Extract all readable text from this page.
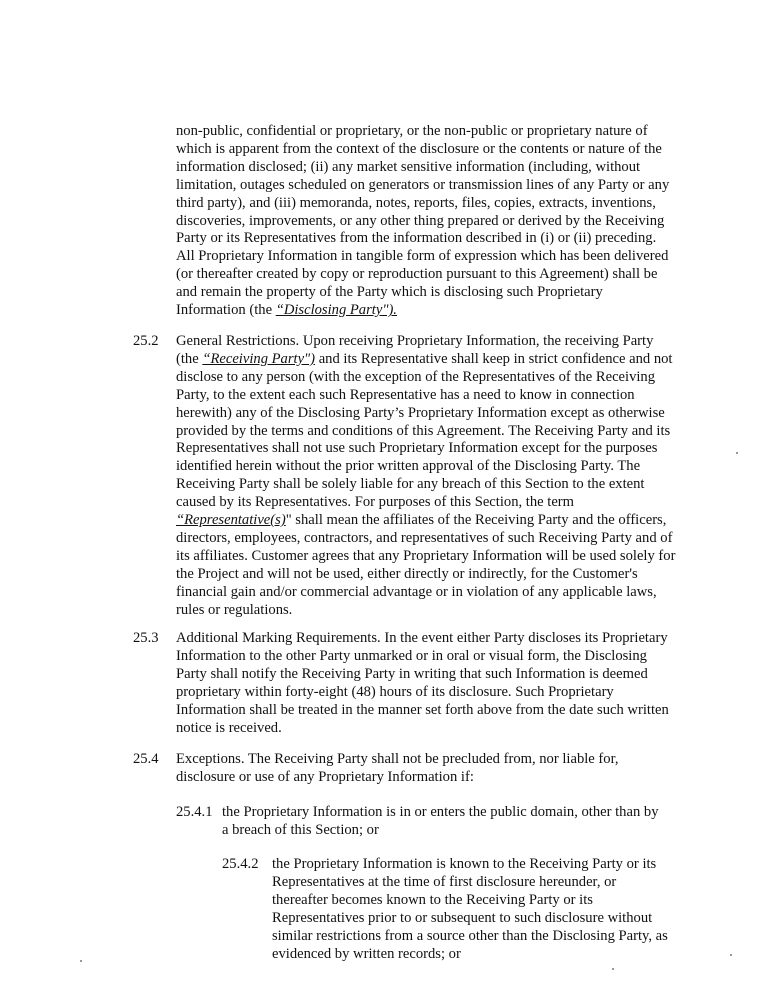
non-public, confidential or proprietary, or the non-public or proprietary nature of which is apparent from the context of the disclosure or the contents or nature of the information disclosed; (ii) any market sensitive information (including, without limitation, outages scheduled on generators or transmission lines of any Party or any third party), and (iii) memoranda, notes, reports, files, copies, extracts, inventions, discoveries, improvements, or any other thing prepared or derived by the Receiving Party or its Representatives from the information described in (i) or (ii) preceding. All Proprietary Information in tangible form of expression which has been delivered (or thereafter created by copy or reproduction pursuant to this Agreement) shall be and remain the property of the Party which is disclosing such Proprietary Information (the “Disclosing Party").
25.2 General Restrictions. Upon receiving Proprietary Information, the receiving Party (the “Receiving Party") and its Representative shall keep in strict confidence and not disclose to any person (with the exception of the Representatives of the Receiving Party, to the extent each such Representative has a need to know in connection herewith) any of the Disclosing Party’s Proprietary Information except as otherwise provided by the terms and conditions of this Agreement. The Receiving Party and its Representatives shall not use such Proprietary Information except for the purposes identified herein without the prior written approval of the Disclosing Party. The Receiving Party shall be solely liable for any breach of this Section to the extent caused by its Representatives. For purposes of this Section, the term “Representative(s)" shall mean the affiliates of the Receiving Party and the officers, directors, employees, contractors, and representatives of such Receiving Party and of its affiliates. Customer agrees that any Proprietary Information will be used solely for the Project and will not be used, either directly or indirectly, for the Customer's financial gain and/or commercial advantage or in violation of any applicable laws, rules or regulations.
25.3 Additional Marking Requirements. In the event either Party discloses its Proprietary Information to the other Party unmarked or in oral or visual form, the Disclosing Party shall notify the Receiving Party in writing that such Information is deemed proprietary within forty-eight (48) hours of its disclosure. Such Proprietary Information shall be treated in the manner set forth above from the date such written notice is received.
25.4 Exceptions. The Receiving Party shall not be precluded from, nor liable for, disclosure or use of any Proprietary Information if:
25.4.1 the Proprietary Information is in or enters the public domain, other than by a breach of this Section; or
25.4.2 the Proprietary Information is known to the Receiving Party or its Representatives at the time of first disclosure hereunder, or thereafter becomes known to the Receiving Party or its Representatives prior to or subsequent to such disclosure without similar restrictions from a source other than the Disclosing Party, as evidenced by written records; or
